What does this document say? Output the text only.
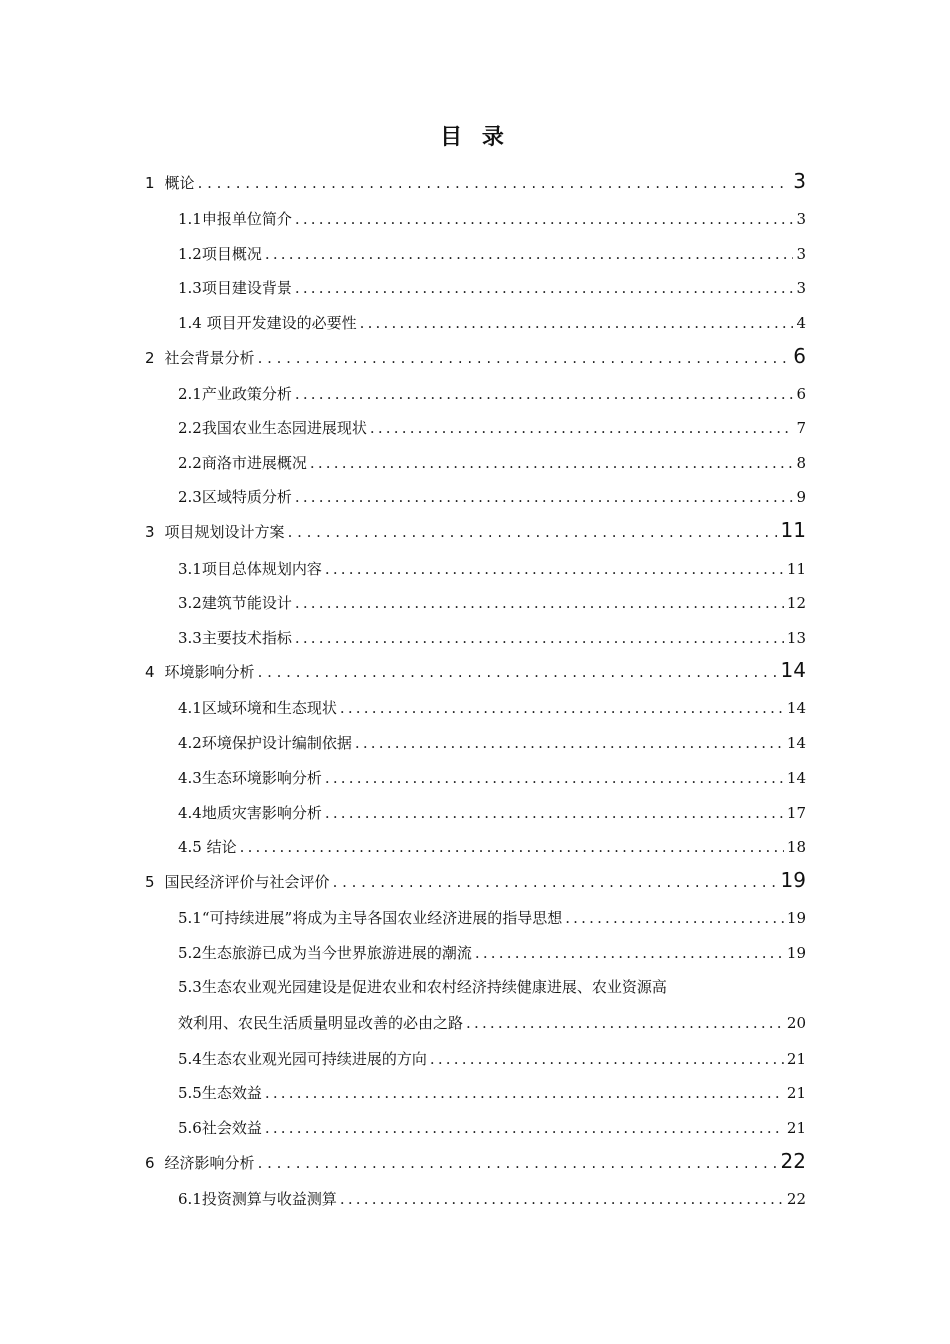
目 录
1 概论 . . .	3
1.1申报单位简介 .....	3
1.2项目概况 .....	3
1.3项目建设背景 .....	3
1.4 项目开发建设的必要性 .....	4
2 社会背景分析 . . .	6
2.1产业政策分析 .....	6
2.2我国农业生态园进展现状 .....	7
2.2商洛市进展概况 .....	8
2.3区域特质分析 .....	9
3 项目规划设计方案 . . .	11
3.1项目总体规划内容 .....	11
3.2建筑节能设计 .....	12
3.3主要技术指标 .....	13
4 环境影响分析 . . .	14
4.1区域环境和生态现状 .....	14
4.2环境保护设计编制依据 .....	14
4.3生态环境影响分析 .....	14
4.4地质灾害影响分析 .....	17
4.5 结论 .....	18
5 国民经济评价与社会评价 . . .	19
5.1“可持续进展”将成为主导各国农业经济进展的指导思想 .....	19
5.2生态旅游已成为当今世界旅游进展的潮流 .....	19
5.3生态农业观光园建设是促进农业和农村经济持续健康进展、农业资源高
效利用、农民生活质量明显改善的必由之路 .....	20
5.4生态农业观光园可持续进展的方向 .....	21
5.5生态效益 .....	21
5.6社会效益 .....	21
6 经济影响分析 . . .	22
6.1投资测算与收益测算 .....	22
